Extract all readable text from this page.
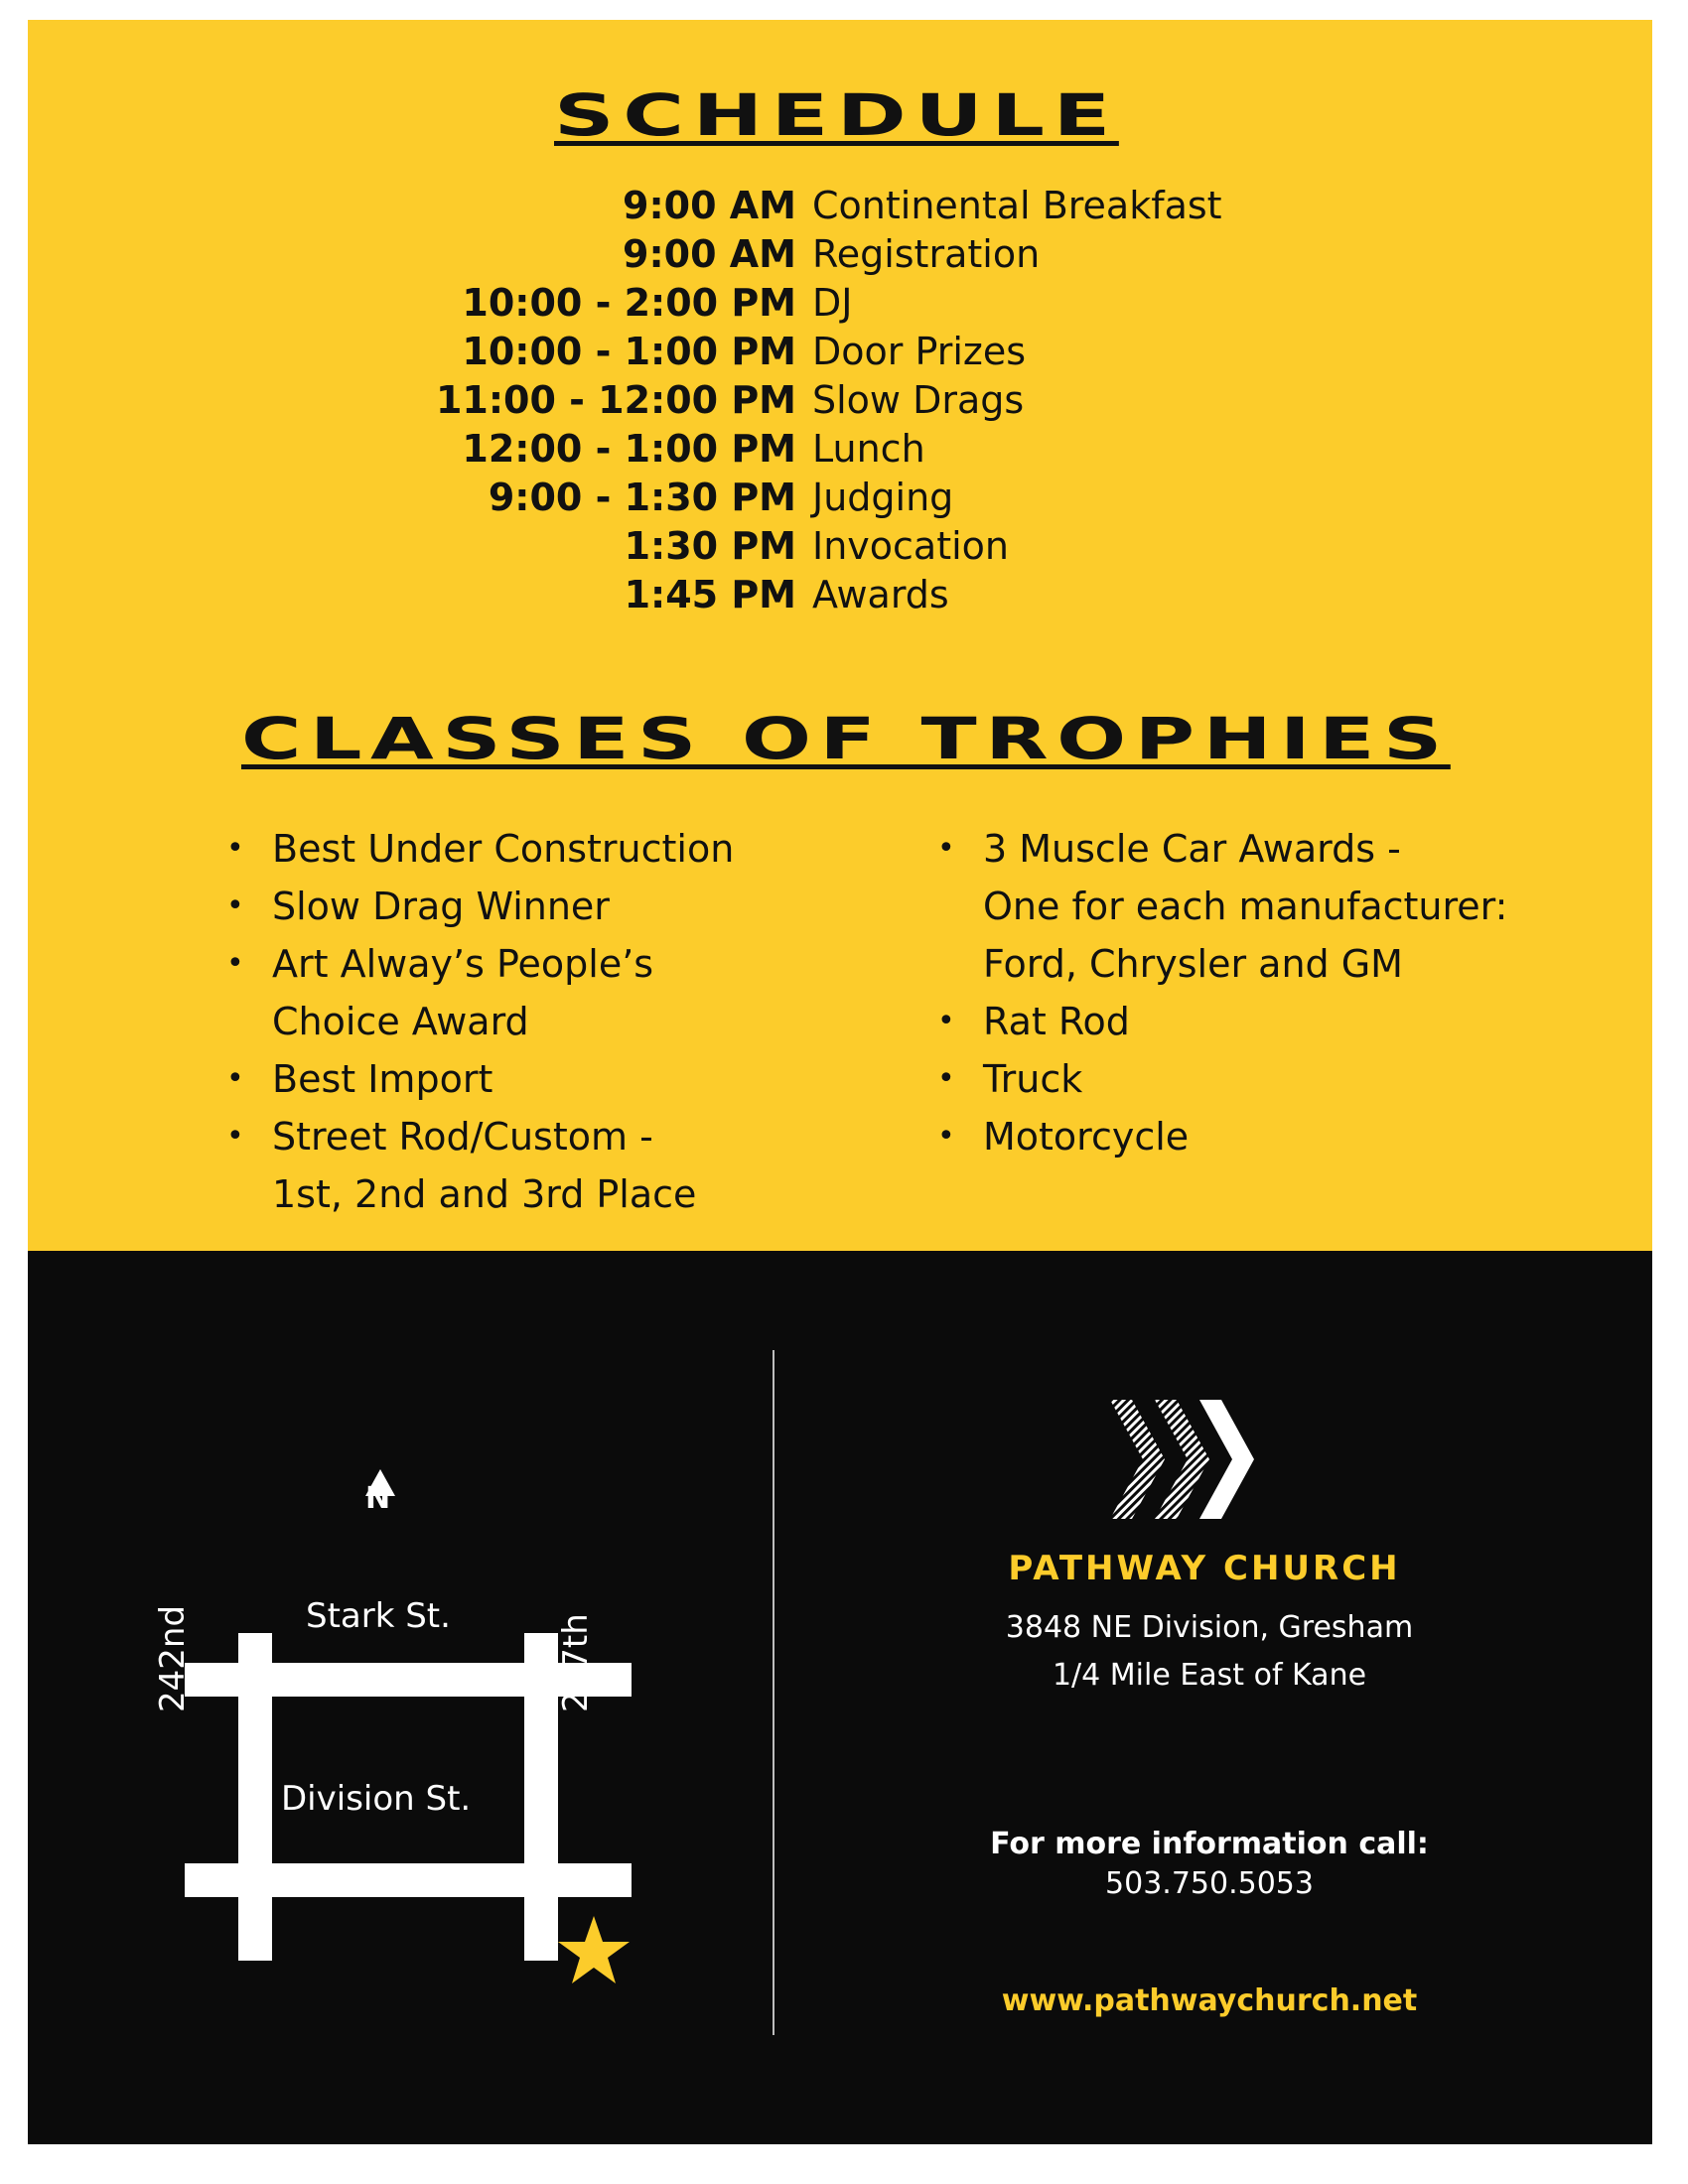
SCHEDULE
9:00 AM Continental Breakfast
9:00 AM Registration
10:00 - 2:00 PM DJ
10:00 - 1:00 PM Door Prizes
11:00 - 12:00 PM Slow Drags
12:00 - 1:00 PM Lunch
9:00 - 1:30 PM Judging
1:30 PM Invocation
1:45 PM Awards
CLASSES OF TROPHIES
• Best Under Construction
• Slow Drag Winner
• Art Alway’s People’s
Choice Award
• Best Import
• Street Rod/Custom -
1st, 2nd and 3rd Place
• 3 Muscle Car Awards -
One for each manufacturer:
Ford, Chrysler and GM
• Rat Rod
• Truck
• Motorcycle
N
Stark St.
Division St.
242nd	257th
PATHWAY CHURCH
3848 NE Division, Gresham
1/4 Mile East of Kane
For more information call:
503.750.5053
www.pathwaychurch.net
